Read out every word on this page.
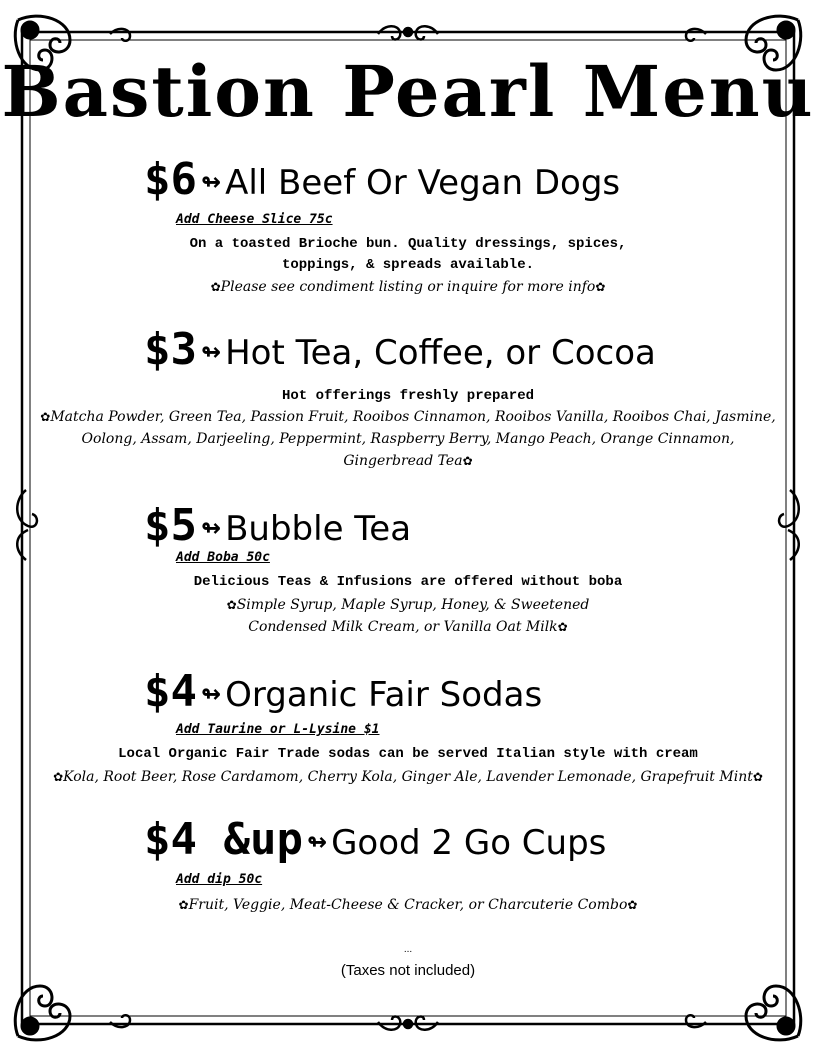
Bastion Pearl Menu
$6 ↬ All Beef Or Vegan Dogs
Add Cheese Slice 75c
On a toasted Brioche bun. Quality dressings, spices,
toppings, & spreads available.
✿Please see condiment listing or inquire for more info✿
$3 ↬ Hot Tea, Coffee, or Cocoa
Hot offerings freshly prepared
✿Matcha Powder, Green Tea, Passion Fruit, Rooibos Cinnamon, Rooibos Vanilla, Rooibos Chai, Jasmine, Oolong, Assam, Darjeeling, Peppermint, Raspberry Berry, Mango Peach, Orange Cinnamon, Gingerbread Tea✿
$5 ↬ Bubble Tea
Add Boba 50c
Delicious Teas & Infusions are offered without boba
✿Simple Syrup, Maple Syrup, Honey, & Sweetened Condensed Milk Cream, or Vanilla Oat Milk✿
$4 ↬ Organic Fair Sodas
Add Taurine or L-Lysine $1
Local Organic Fair Trade sodas can be served Italian style with cream
✿Kola, Root Beer, Rose Cardamom, Cherry Kola, Ginger Ale, Lavender Lemonade, Grapefruit Mint✿
$4 &up ↬ Good 2 Go Cups
Add dip 50c
✿Fruit, Veggie, Meat-Cheese & Cracker, or Charcuterie Combo✿
...
(Taxes not included)
